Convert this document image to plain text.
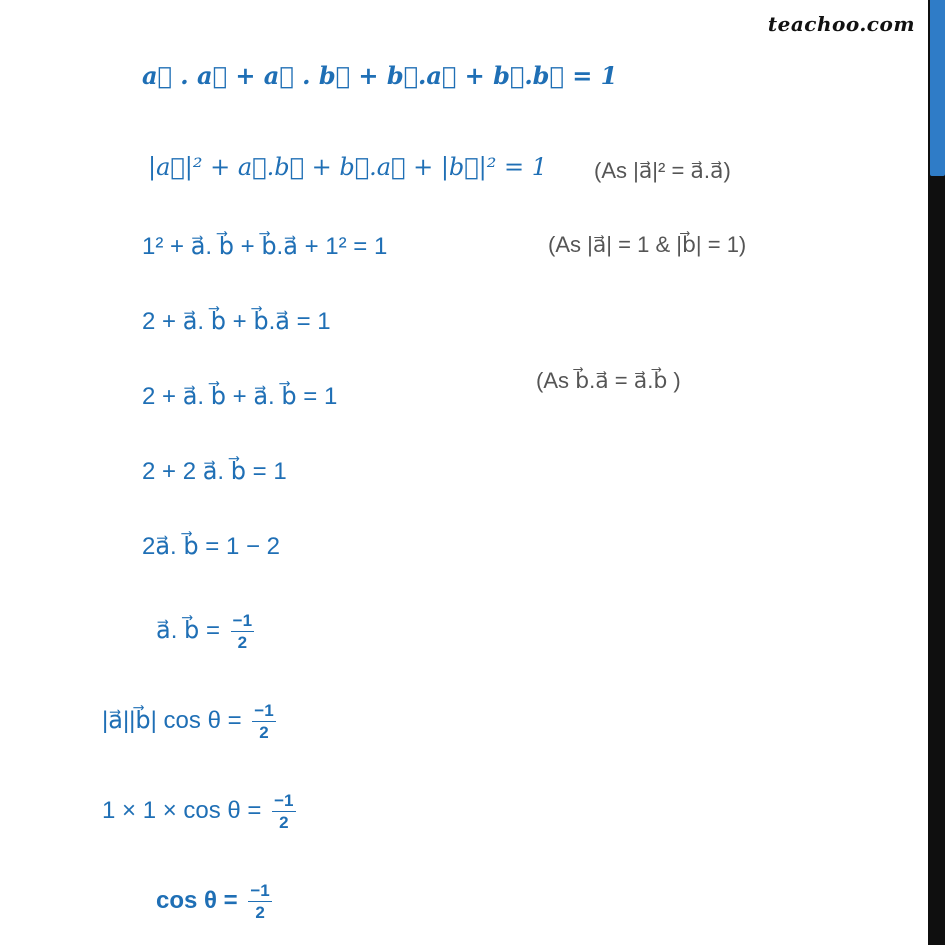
teachoo.com
a⃗ . a⃗ + a⃗ . b⃗ + b⃗.a⃗ + b⃗.b⃗ = 1
|a⃗|² + a⃗.b⃗ + b⃗.a⃗ + |b⃗|² = 1
1² + a⃗. b⃗ + b⃗.a⃗ + 1² = 1
2 + a⃗. b⃗ + b⃗.a⃗ = 1
2 + a⃗. b⃗ + a⃗. b⃗ = 1
2 + 2 a⃗. b⃗ = 1
2a⃗. b⃗ = 1 − 2
a⃗. b⃗ = $\frac{-1}{2}$
|a⃗||b⃗| $\cos \theta = \frac{-1}{2}$
$1 \times 1 \times \cos \theta = \frac{-1}{2}$
$\cos \theta = \frac{-1}{2}$
(As |a⃗|² = a⃗.a⃗)
(As |a⃗| = 1 & |b⃗| = 1)
(As b⃗.a⃗ = a⃗.b⃗ )
